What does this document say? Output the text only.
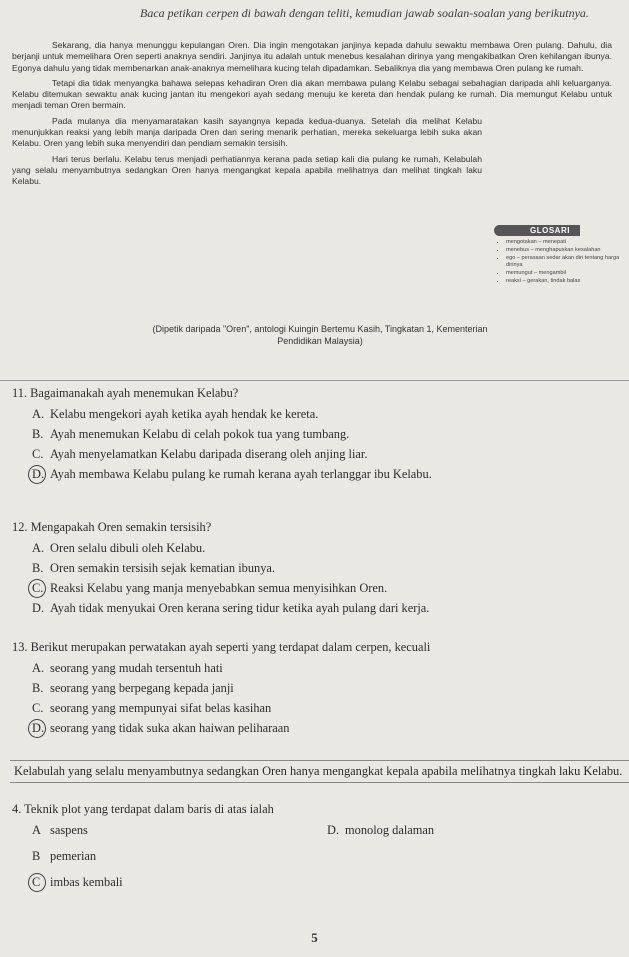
Baca petikan cerpen di bawah dengan teliti, kemudian jawab soalan-soalan yang berikutnya.

Sekarang, dia hanya menunggu kepulangan Oren. Dia ingin mengotakan janjinya kepada dahulu sewaktu membawa Oren pulang. Dahulu, dia berjanji untuk memelihara Oren seperti anaknya sendiri. Janjinya itu adalah untuk menebus kesalahan dirinya yang mengakibatkan Oren kehilangan ibunya. Egonya dahulu yang tidak membenarkan anak-anaknya memelihara kucing telah dipadamkan. Sebaliknya dia yang membawa Oren pulang ke rumah.

Tetapi dia tidak menyangka bahawa selepas kehadiran Oren dia akan membawa pulang Kelabu sebagai sebahagian daripada ahli keluarganya. Kelabu ditemukan sewaktu anak kucing jantan itu mengekori ayah sedang menuju ke kereta dan hendak pulang ke rumah. Dia memungut Kelabu untuk menjadi teman Oren bermain.

Pada mulanya dia menyamaratakan kasih sayangnya kepada kedua-duanya. Setelah dia melihat Kelabu menunjukkan reaksi yang lebih manja daripada Oren dan sering menarik perhatian, mereka sekeluarga lebih suka akan Kelabu. Oren yang lebih suka menyendiri dan pendiam semakin tersisih.

Hari terus berlalu. Kelabu terus menjadi perhatiannya kerana pada setiap kali dia pulang ke rumah, Kelabulah yang selalu menyambutnya sedangkan Oren hanya mengangkat kepala apabila melihatnya dan melihat tingkah laku Kelabu.

GLOSARI
• mengotakan – menepati
• menebus – menghapuskan kesalahan
• ego – perasaan sedar akan diri tentang harga dirinya
• memungut – mengambil
• reaksi – gerakan, tindak balas
(Dipetik daripada "Oren", antologi Kuingin Bertemu Kasih, Tingkatan 1, Kementerian Pendidikan Malaysia)
11. Bagaimanakah ayah menemukan Kelabu?
A. Kelabu mengekori ayah ketika ayah hendak ke kereta.
B. Ayah menemukan Kelabu di celah pokok tua yang tumbang.
C. Ayah menyelamatkan Kelabu daripada diserang oleh anjing liar.
D. Ayah membawa Kelabu pulang ke rumah kerana ayah terlanggar ibu Kelabu.
12. Mengapakah Oren semakin tersisih?
A. Oren selalu dibuli oleh Kelabu.
B. Oren semakin tersisih sejak kematian ibunya.
C. Reaksi Kelabu yang manja menyebabkan semua menyisihkan Oren.
D. Ayah tidak menyukai Oren kerana sering tidur ketika ayah pulang dari kerja.
13. Berikut merupakan perwatakan ayah seperti yang terdapat dalam cerpen, kecuali
A. seorang yang mudah tersentuh hati
B. seorang yang berpegang kepada janji
C. seorang yang mempunyai sifat belas kasihan
D. seorang yang tidak suka akan haiwan peliharaan
Kelabulah yang selalu menyambutnya sedangkan Oren hanya mengangkat kepala apabila melihatnya tingkah laku Kelabu.
4. Teknik plot yang terdapat dalam baris di atas ialah
A saspens	D. monolog dalaman
B pemerian
C imbas kembali
5
